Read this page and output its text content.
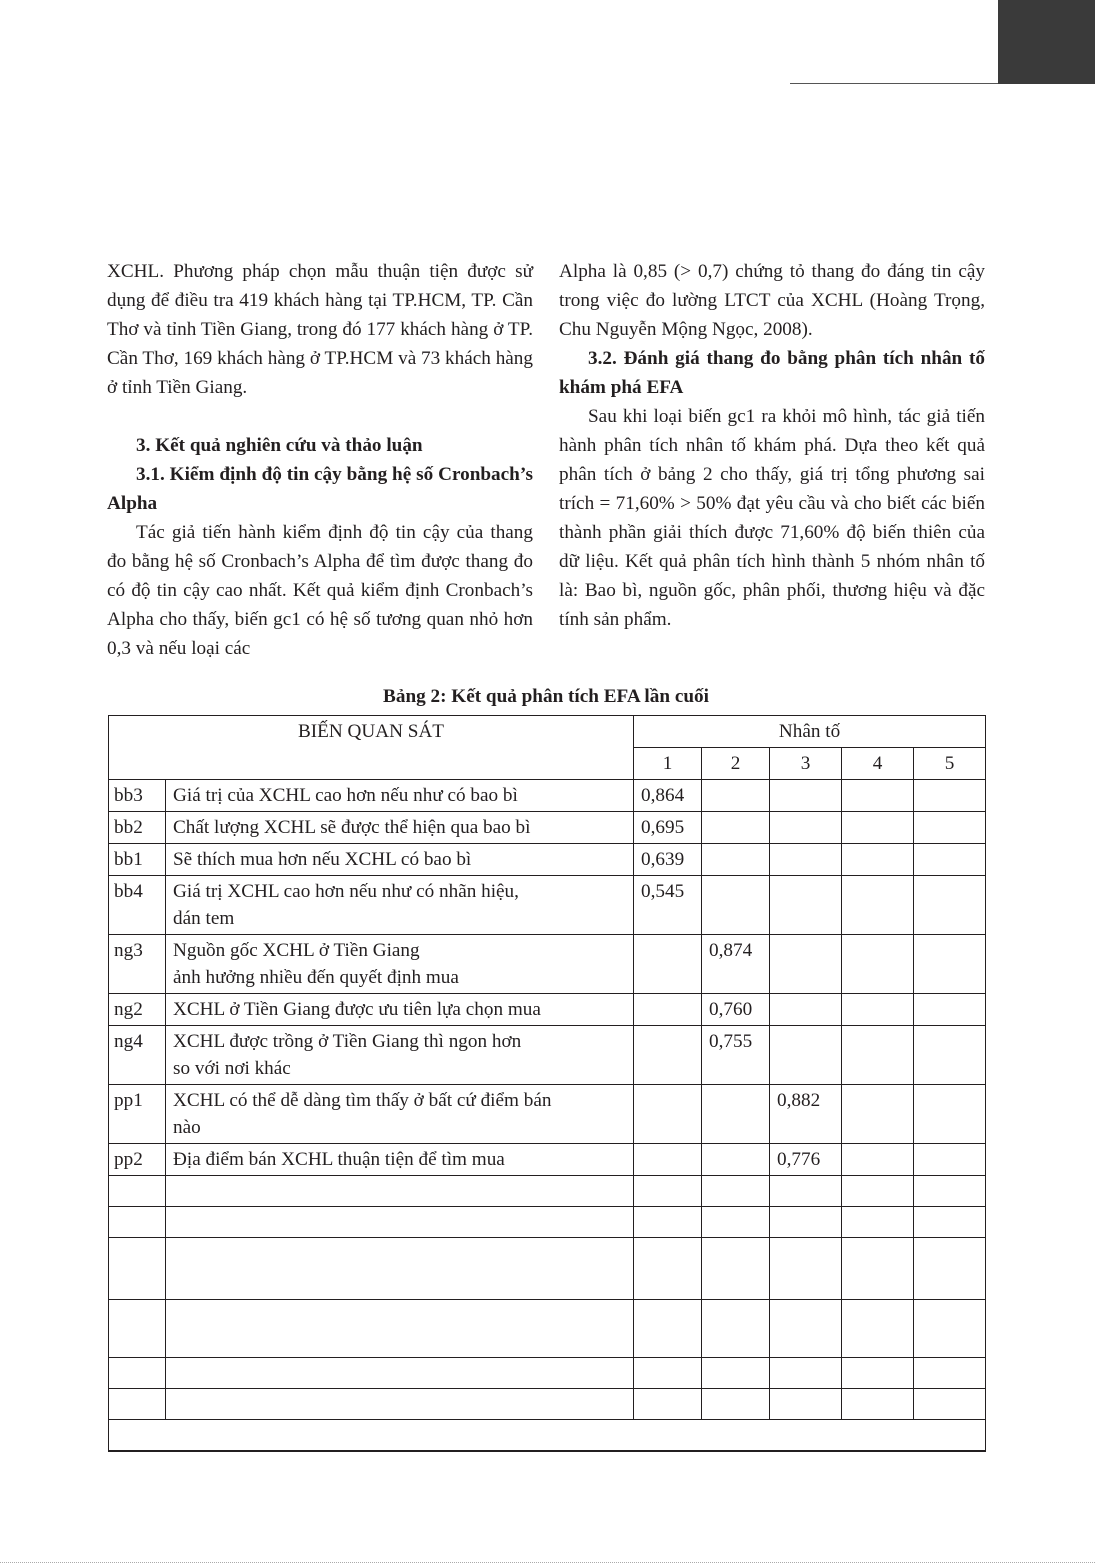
XCHL. Phương pháp chọn mẫu thuận tiện được sử dụng để điều tra 419 khách hàng tại TP.HCM, TP. Cần Thơ và tỉnh Tiền Giang, trong đó 177 khách hàng ở TP. Cần Thơ, 169 khách hàng ở TP.HCM và 73 khách hàng ở tỉnh Tiền Giang.

3. Kết quả nghiên cứu và thảo luận

3.1. Kiểm định độ tin cậy bằng hệ số Cronbach’s Alpha

Tác giả tiến hành kiểm định độ tin cậy của thang đo bằng hệ số Cronbach’s Alpha để tìm được thang đo có độ tin cậy cao nhất. Kết quả kiểm định Cronbach’s Alpha cho thấy, biến gc1 có hệ số tương quan nhỏ hơn 0,3 và nếu loại các

Alpha là 0,85 (> 0,7) chứng tỏ thang đo đáng tin cậy trong việc đo lường LTCT của XCHL (Hoàng Trọng, Chu Nguyễn Mộng Ngọc, 2008).

3.2. Đánh giá thang đo bằng phân tích nhân tố khám phá EFA

Sau khi loại biến gc1 ra khỏi mô hình, tác giả tiến hành phân tích nhân tố khám phá. Dựa theo kết quả phân tích ở bảng 2 cho thấy, giá trị tổng phương sai trích = 71,60% > 50% đạt yêu cầu và cho biết các biến thành phần giải thích được 71,60% độ biến thiên của dữ liệu. Kết quả phân tích hình thành 5 nhóm nhân tố là: Bao bì, nguồn gốc, phân phối, thương hiệu và đặc tính sản phẩm.

Bảng 2: Kết quả phân tích EFA lần cuối
BIẾN QUAN SÁT		Nhân tố				
		1	2	3	4	5
bb3	Giá trị của XCHL cao hơn nếu như có bao bì	0,864				
bb2	Chất lượng XCHL sẽ được thể hiện qua bao bì	0,695				
bb1	Sẽ thích mua hơn nếu XCHL có bao bì	0,639				
bb4	Giá trị XCHL cao hơn nếu như có nhãn hiệu,
dán tem	0,545				
ng3	Nguồn gốc XCHL ở Tiền Giang
ảnh hưởng nhiều đến quyết định mua		0,874			
ng2	XCHL ở Tiền Giang được ưu tiên lựa chọn mua		0,760			
ng4	XCHL được trồng ở Tiền Giang thì ngon hơn
so với nơi khác		0,755			
pp1	XCHL có thể dễ dàng tìm thấy ở bất cứ điểm bán
nào			0,882		
pp2	Địa điểm bán XCHL thuận tiện để tìm mua			0,776		
